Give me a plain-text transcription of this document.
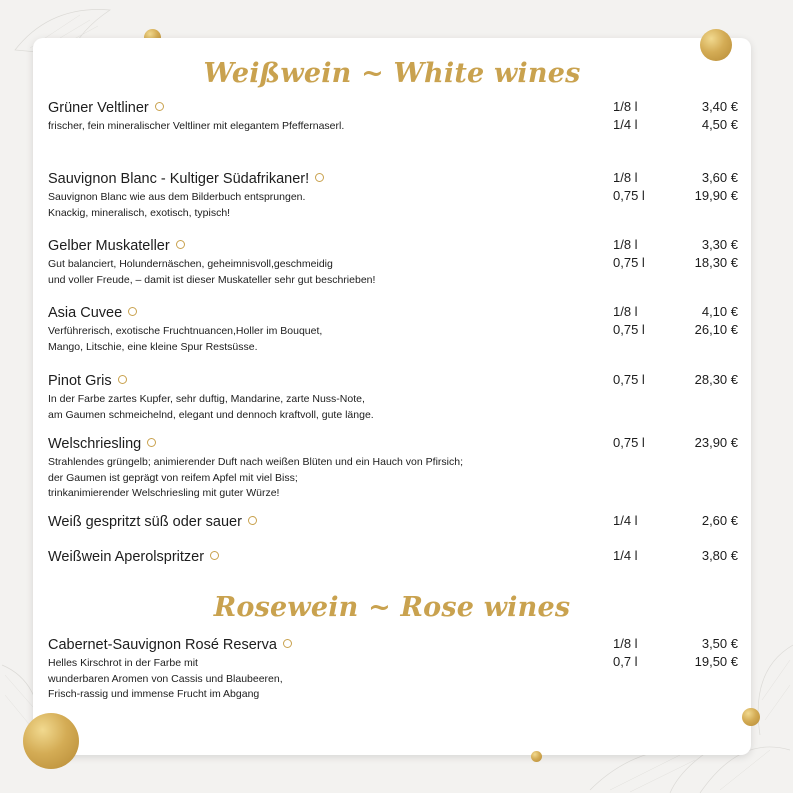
Weißwein ~ White wines
Grüner Veltliner
frischer, fein mineralischer Veltliner mit elegantem Pfeffernaserl.
1/8 l	3,40 €
1/4 l	4,50 €
Sauvignon Blanc - Kultiger Südafrikaner!
Sauvignon Blanc wie aus dem Bilderbuch entsprungen.
Knackig, mineralisch, exotisch, typisch!
1/8 l	3,60 €
0,75 l	19,90 €
Gelber Muskateller
Gut balanciert, Holundernäschen, geheimnisvoll,geschmeidig
und voller Freude, – damit ist dieser Muskateller sehr gut beschrieben!
1/8 l	3,30 €
0,75 l	18,30 €
Asia Cuvee
Verführerisch, exotische Fruchtnuancen,Holler im Bouquet,
Mango, Litschie, eine kleine Spur Restsüsse.
1/8 l	4,10 €
0,75 l	26,10 €
Pinot Gris
In der Farbe zartes Kupfer, sehr duftig, Mandarine, zarte Nuss-Note,
am Gaumen schmeichelnd, elegant und dennoch kraftvoll, gute länge.
0,75 l	28,30 €
Welschriesling
Strahlendes grüngelb; animierender Duft nach weißen Blüten und ein Hauch von Pfirsich;
der Gaumen ist geprägt von reifem Apfel mit viel Biss;
trinkanimierender Welschriesling mit guter Würze!
0,75 l	23,90 €
Weiß gespritzt süß oder sauer	1/4 l	2,60 €
Weißwein Aperolspritzer	1/4 l	3,80 €
Rosewein ~ Rose wines
Cabernet-Sauvignon Rosé Reserva
Helles Kirschrot in der Farbe mit
wunderbaren Aromen von Cassis und Blaubeeren,
Frisch-rassig und immense Frucht im Abgang
1/8 l	3,50 €
0,7 l	19,50 €
